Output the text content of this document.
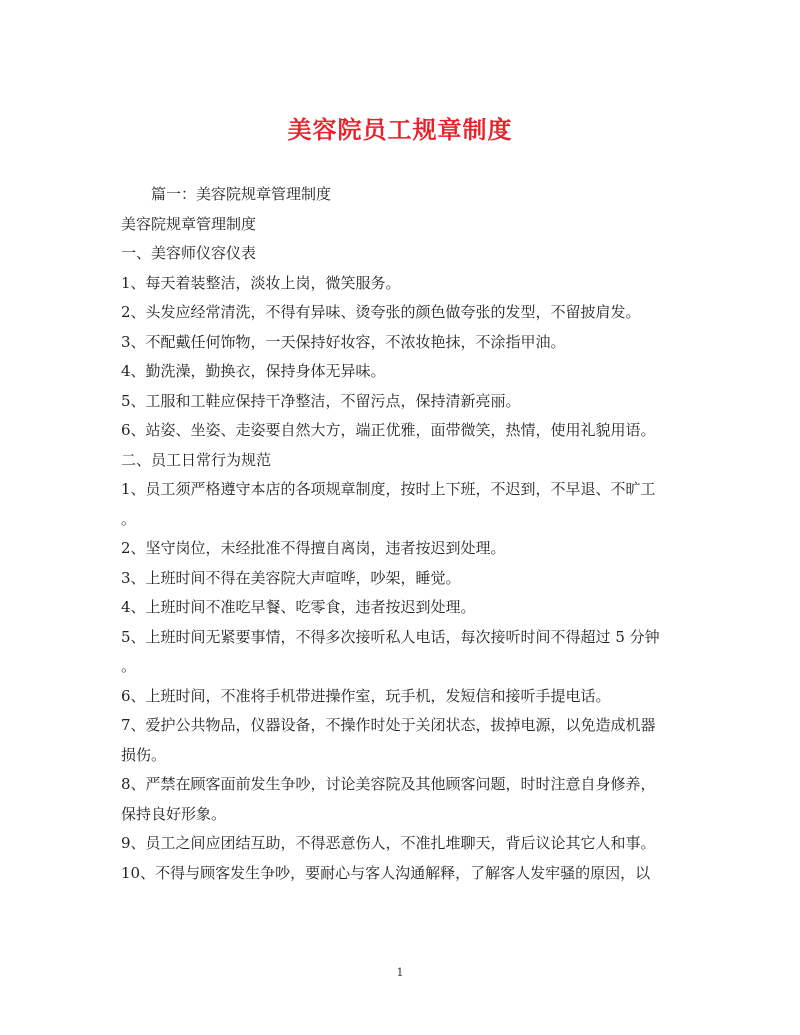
美容院员工规章制度
篇一：美容院规章管理制度
美容院规章管理制度
一、美容师仪容仪表
1、每天着装整洁，淡妆上岗，微笑服务。
2、头发应经常清洗，不得有异味、烫夸张的颜色做夸张的发型，不留披肩发。
3、不配戴任何饰物，一天保持好妆容，不浓妆艳抹，不涂指甲油。
4、勤洗澡，勤换衣，保持身体无异味。
5、工服和工鞋应保持干净整洁，不留污点，保持清新亮丽。
6、站姿、坐姿、走姿要自然大方，端正优雅，面带微笑，热情，使用礼貌用语。
二、员工日常行为规范
1、员工须严格遵守本店的各项规章制度，按时上下班，不迟到，不早退、不旷工
。
2、坚守岗位，未经批准不得擅自离岗，违者按迟到处理。
3、上班时间不得在美容院大声喧哗，吵架，睡觉。
4、上班时间不准吃早餐、吃零食，违者按迟到处理。
5、上班时间无紧要事情，不得多次接听私人电话，每次接听时间不得超过 5 分钟
。
6、上班时间，不准将手机带进操作室，玩手机，发短信和接听手提电话。
7、爱护公共物品，仪器设备，不操作时处于关闭状态，拔掉电源，以免造成机器
损伤。
8、严禁在顾客面前发生争吵，讨论美容院及其他顾客问题，时时注意自身修养，
保持良好形象。
9、员工之间应团结互助，不得恶意伤人，不准扎堆聊天，背后议论其它人和事。
10、不得与顾客发生争吵，要耐心与客人沟通解释，了解客人发牢骚的原因，以
1
